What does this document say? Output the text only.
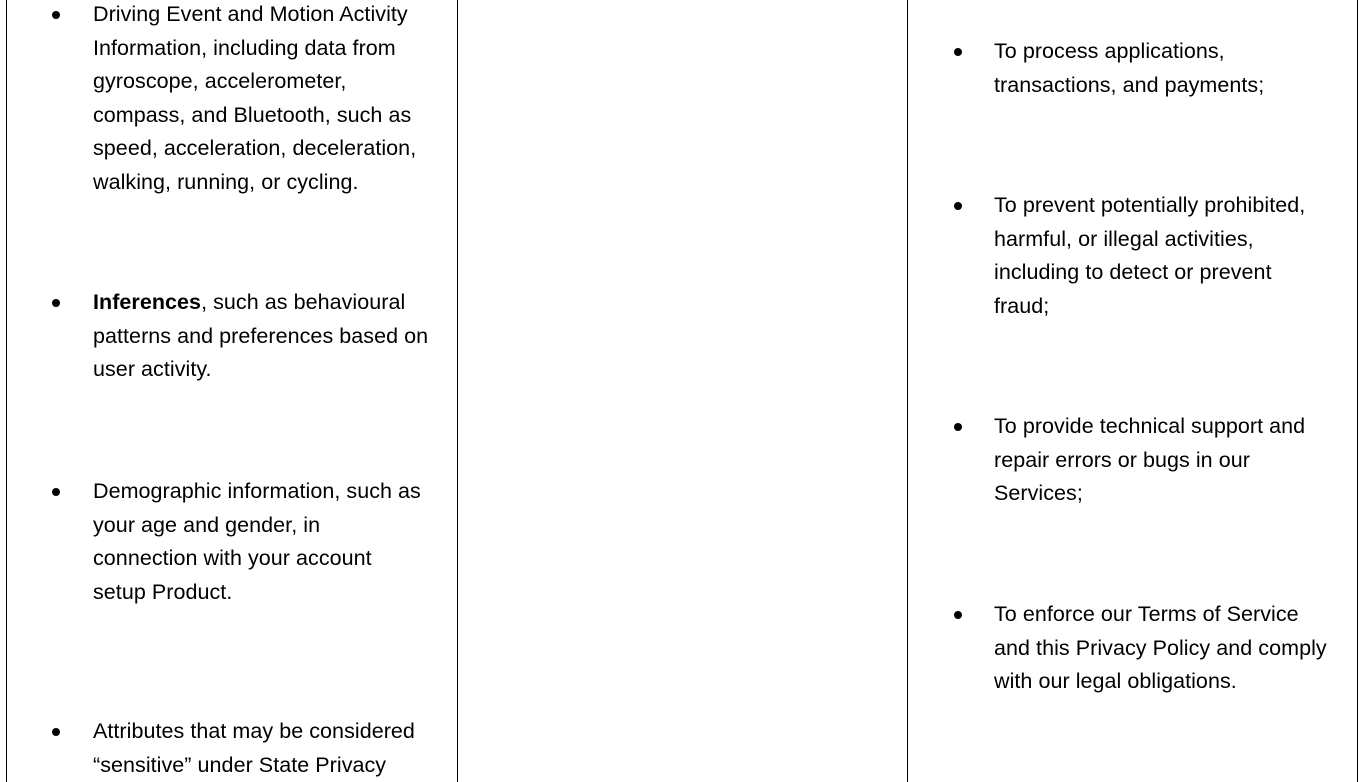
Driving Event and Motion Activity
Information, including data from
gyroscope, accelerometer,
compass, and Bluetooth, such as
speed, acceleration, deceleration,
walking, running, or cycling.
Inferences, such as behavioural
patterns and preferences based on
user activity.
Demographic information, such as
your age and gender, in
connection with your account
setup Product.
Attributes that may be considered
“sensitive” under State Privacy
To process applications,
transactions, and payments;
To prevent potentially prohibited,
harmful, or illegal activities,
including to detect or prevent
fraud;
To provide technical support and
repair errors or bugs in our
Services;
To enforce our Terms of Service
and this Privacy Policy and comply
with our legal obligations.
